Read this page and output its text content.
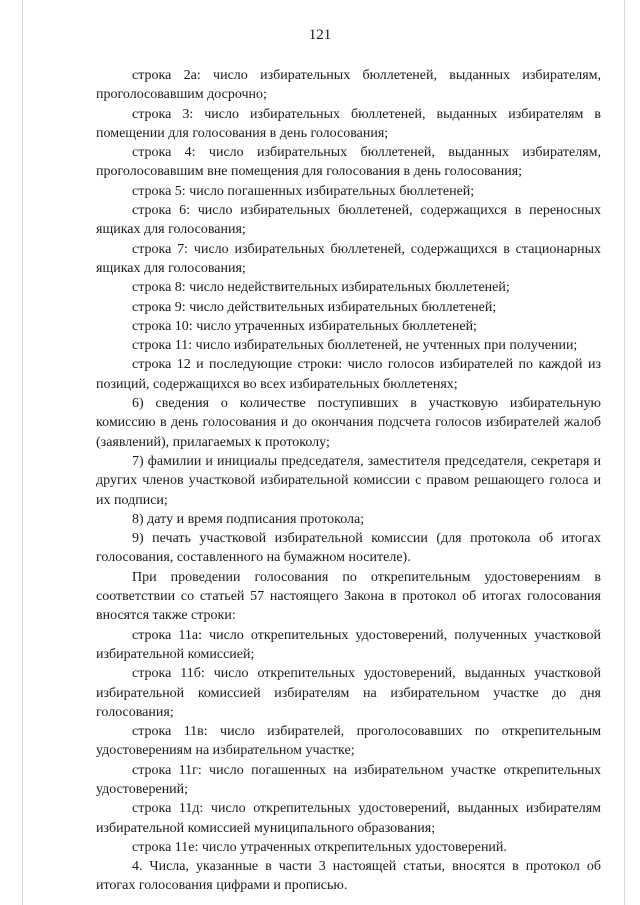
121

строка 2а: число избирательных бюллетеней, выданных избирателям, проголосовавшим досрочно;

строка 3: число избирательных бюллетеней, выданных избирателям в помещении для голосования в день голосования;

строка 4: число избирательных бюллетеней, выданных избирателям, проголосовавшим вне помещения для голосования в день голосования;

строка 5: число погашенных избирательных бюллетеней;

строка 6: число избирательных бюллетеней, содержащихся в переносных ящиках для голосования;

строка 7: число избирательных бюллетеней, содержащихся в стационарных ящиках для голосования;

строка 8: число недействительных избирательных бюллетеней;

строка 9: число действительных избирательных бюллетеней;

строка 10: число утраченных избирательных бюллетеней;

строка 11: число избирательных бюллетеней, не учтенных при получении;

строка 12 и последующие строки: число голосов избирателей по каждой из позиций, содержащихся во всех избирательных бюллетенях;

6) сведения о количестве поступивших в участковую избирательную комиссию в день голосования и до окончания подсчета голосов избирателей жалоб (заявлений), прилагаемых к протоколу;

7) фамилии и инициалы председателя, заместителя председателя, секретаря и других членов участковой избирательной комиссии с правом решающего голоса и их подписи;

8) дату и время подписания протокола;

9) печать участковой избирательной комиссии (для протокола об итогах голосования, составленного на бумажном носителе).

При проведении голосования по открепительным удостоверениям в соответствии со статьей 57 настоящего Закона в протокол об итогах голосования вносятся также строки:

строка 11а: число открепительных удостоверений, полученных участковой избирательной комиссией;

строка 11б: число открепительных удостоверений, выданных участковой избирательной комиссией избирателям на избирательном участке до дня голосования;

строка 11в: число избирателей, проголосовавших по открепительным удостоверениям на избирательном участке;

строка 11г: число погашенных на избирательном участке открепительных удостоверений;

строка 11д: число открепительных удостоверений, выданных избирателям избирательной комиссией муниципального образования;

строка 11е: число утраченных открепительных удостоверений.

4. Числа, указанные в части 3 настоящей статьи, вносятся в протокол об итогах голосования цифрами и прописью.
